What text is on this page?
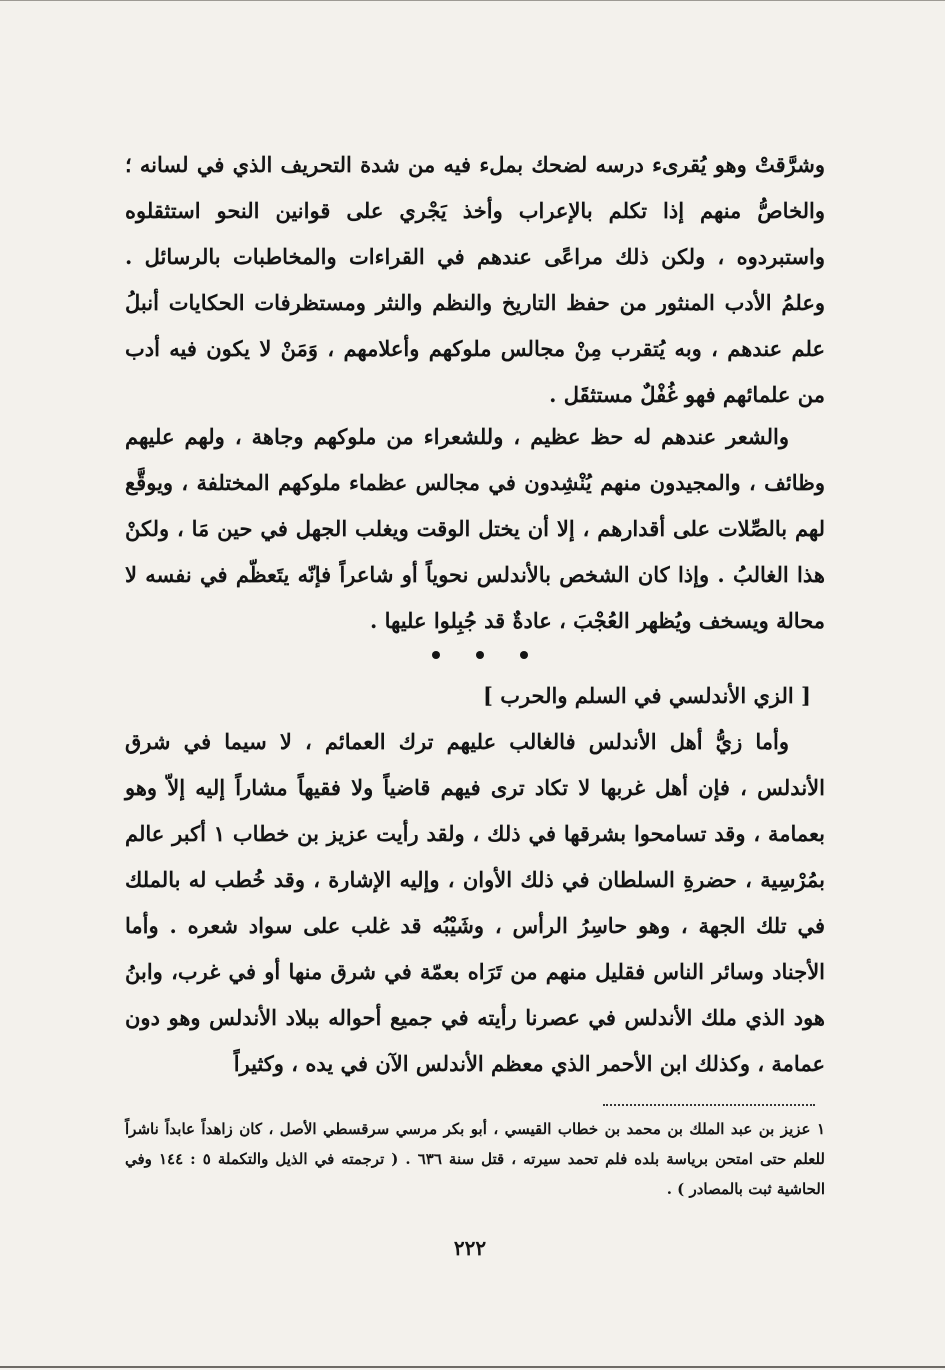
وشرَّقتْ وهو يُقرىء درسه لضحك بملء فيه من شدة التحريف الذي في لسانه ؛ والخاصُّ منهم إذا تكلم بالإعراب وأخذ يَجْري على قوانين النحو استثقلوه واستبردوه ، ولكن ذلك مراعًى عندهم في القراءات والمخاطبات بالرسائل . وعلمُ الأدب المنثور من حفظ التاريخ والنظم والنثر ومستظرفات الحكايات أنبلُ علم عندهم ، وبه يُتقرب مِنْ مجالس ملوكهم وأعلامهم ، وَمَنْ لا يكون فيه أدب من علمائهم فهو غُفْلٌ مستثقَل .

والشعر عندهم له حظ عظيم ، وللشعراء من ملوكهم وجاهة ، ولهم عليهم وظائف ، والمجيدون منهم يُنْشِدون في مجالس عظماء ملوكهم المختلفة ، ويوقَّع لهم بالصِّلات على أقدارهم ، إلا أن يختل الوقت ويغلب الجهل في حين مَا ، ولكنْ هذا الغالبُ . وإذا كان الشخص بالأندلس نحوياً أو شاعراً فإنّه يتَعظّم في نفسه لا محالة ويسخف ويُظهر العُجْبَ ، عادةٌ قد جُبِلوا عليها .

[ الزي الأندلسي في السلم والحرب ]

وأما زيُّ أهل الأندلس فالغالب عليهم ترك العمائم ، لا سيما في شرق الأندلس ، فإن أهل غربها لا تكاد ترى فيهم قاضياً ولا فقيهاً مشاراً إليه إلاّ وهو بعمامة ، وقد تسامحوا بشرقها في ذلك ، ولقد رأيت عزيز بن خطاب ١ أكبر عالم بمُرْسِية ، حضرةِ السلطان في ذلك الأوان ، وإليه الإشارة ، وقد خُطب له بالملك في تلك الجهة ، وهو حاسِرُ الرأس ، وشَيْبُه قد غلب على سواد شعره . وأما الأجناد وسائر الناس فقليل منهم من تَرَاه بعمّة في شرق منها أو في غرب، وابنُ هود الذي ملك الأندلس في عصرنا رأيته في جميع أحواله ببلاد الأندلس وهو دون عمامة ، وكذلك ابن الأحمر الذي معظم الأندلس الآن في يده ، وكثيراً

١ عزيز بن عبد الملك بن محمد بن خطاب القيسي ، أبو بكر مرسي سرقسطي الأصل ، كان زاهداً عابداً ناشراً للعلم حتى امتحن برياسة بلده فلم تحمد سيرته ، قتل سنة ٦٣٦ . ( ترجمته في الذيل والتكملة ٥ : ١٤٤ وفي الحاشية ثبت بالمصادر ) .

٢٢٢
